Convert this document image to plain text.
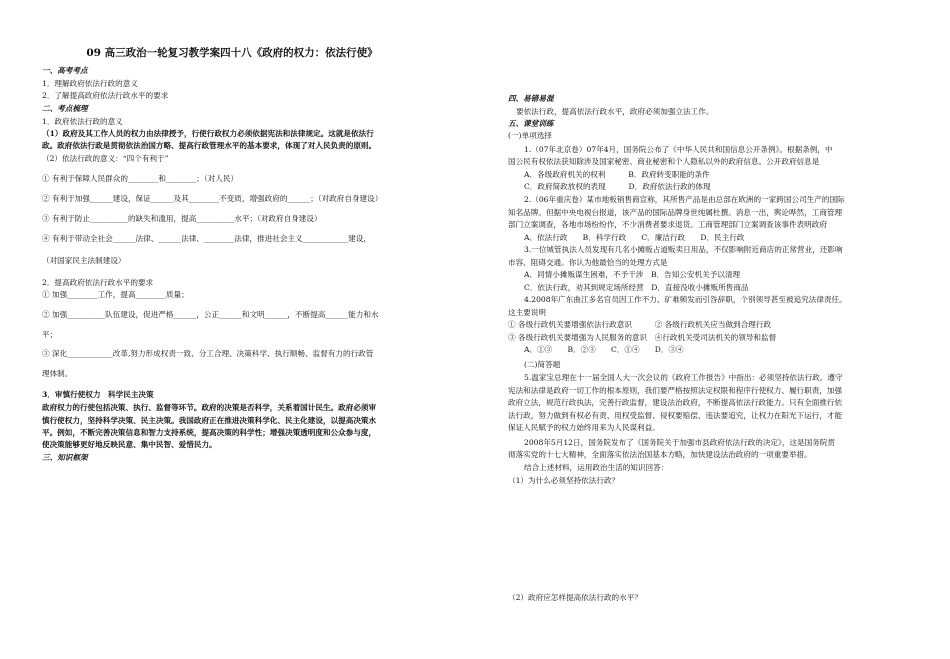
09 高三政治一轮复习教学案四十八《政府的权力：依法行使》
一、高考考点
1．理解政府依法行政的意义
2．了解提高政府依法行政水平的要求
二、考点梳理
1．政府依法行政的意义
（1）政府及其工作人员的权力由法律授予，行使行政权力必须依据宪法和法律规定。这就是依法行
政。政府依法行政是贯彻依法治国方略、提高行政管理水平的基本要求，体现了对人民负责的原则。
（2）依法行政的意义：“四个有利于”
① 有利于保障人民群众的________和________；（对人民）
② 有利于加强______建设，保证______及其________不变质，增强政府的______；（对政府自身建设）
③ 有利于防止__________的缺失和滥用，提高__________水平；（对政府自身建设）
④ 有利于带动全社会______法律、______法律、________法律，推进社会主义____________建设，
（对国家民主法制建设）
2．提高政府依法行政水平的要求
① 加强________工作，提高________质量；
② 加强__________队伍建设，促进严格______，公正______和文明______，不断提高______能力和水
平；
③ 深化____________改革,努力形成权责一致、分工合理、决策科学、执行顺畅、监督有力的行政管
理体制。
3．审慎行使权力　科学民主决策
政府权力的行使包括决策、执行、监督等环节。政府的决策是否科学，关系着国计民生。政府必须审
慎行使权力，坚持科学决策、民主决策。我国政府正在推进决策科学化、民主化建设，以提高决策水
平。例如，不断完善决策信息和智力支持系统，提高决策的科学性；增强决策透明度和公众参与度，
使决策能够更好地反映民意、集中民智、爱惜民力。
三、知识框架
四、易错易混
要依法行政，提高依法行政水平，政府必须加强立法工作。
五、课堂训练
(一)单项选择
1.（07年北京卷）07年4月，国务院公布了《中华人民共和国信息公开条例》。根据条例，中
国公民有权依法获知除涉及国家秘密、商业秘密和个人隐私以外的政府信息。公开政府信息是
A．各级政府机关的权利　　　B．政府转变职能的条件
C．政府简政放权的表现　　　D．政府依法行政的体现
2.（06年重庆卷）某市地板销售商宣称，其所售产品是由总部在欧洲的一家跨国公司生产的国际
知名品牌。但据中央电视台报道，该产品的国际品牌身世纯属杜撰。消息一出，舆论哗然，工商管理
部门立案调查，各地市场纷纷作，不少消费者要求退货。工商管理部门立案调查该事件表明政府
A．依法行政　　B．科学行政　　C．廉洁行政　　D．民主行政
3.一位城管执法人员发现有几名小摊贩占道贩卖日用品，不仅影响附近商店的正常营业，还影响
市容、阻碍交通。你认为他最恰当的处理方式是
A．同情小摊贩谋生困难，不予干涉　B．告知公安机关予以清理
C．依法行政，劝其到规定场所经营　D．直接没收小摊贩所售商品
4.2008年广东曲江多名官员因工作不力、矿难频发而引咎辞职，个别领导甚至被追究法律责任。
这主要说明
① 各级行政机关要增强依法行政意识　　　② 各级行政机关应当做到合理行政
③ 各级行政机关要增强为人民服务的意识　④行政机关受司法机关的领导和监督
A．①③　　B．②③　　C．①④　　D．③④
(二)简答题
5.温家宝总理在十一届全国人大一次会议的《政府工作报告》中指出：必须坚持依法行政。遵守
宪法和法律是政府一切工作的根本原则，我们要严格按照法定权限和程序行使权力、履行职责，加强
政府立法，规范行政执法，完善行政监督，建设法治政府，不断提高依法行政能力。只有全面推行依
法行政，努力做到有权必有责、用权受监督、侵权要赔偿、违法要追究，让权力在阳光下运行，才能
保证人民赋予的权力始终用来为人民谋利益。
2008年5月12日，国务院发布了《国务院关于加强市县政府依法行政的决定》，这是国务院贯
彻落实党的十七大精神，全面落实依法治国基本方略，加快建设法治政府的一项重要举措。
结合上述材料，运用政治生活的知识回答：
（1）为什么必须坚持依法行政？
（2）政府应怎样提高依法行政的水平？
